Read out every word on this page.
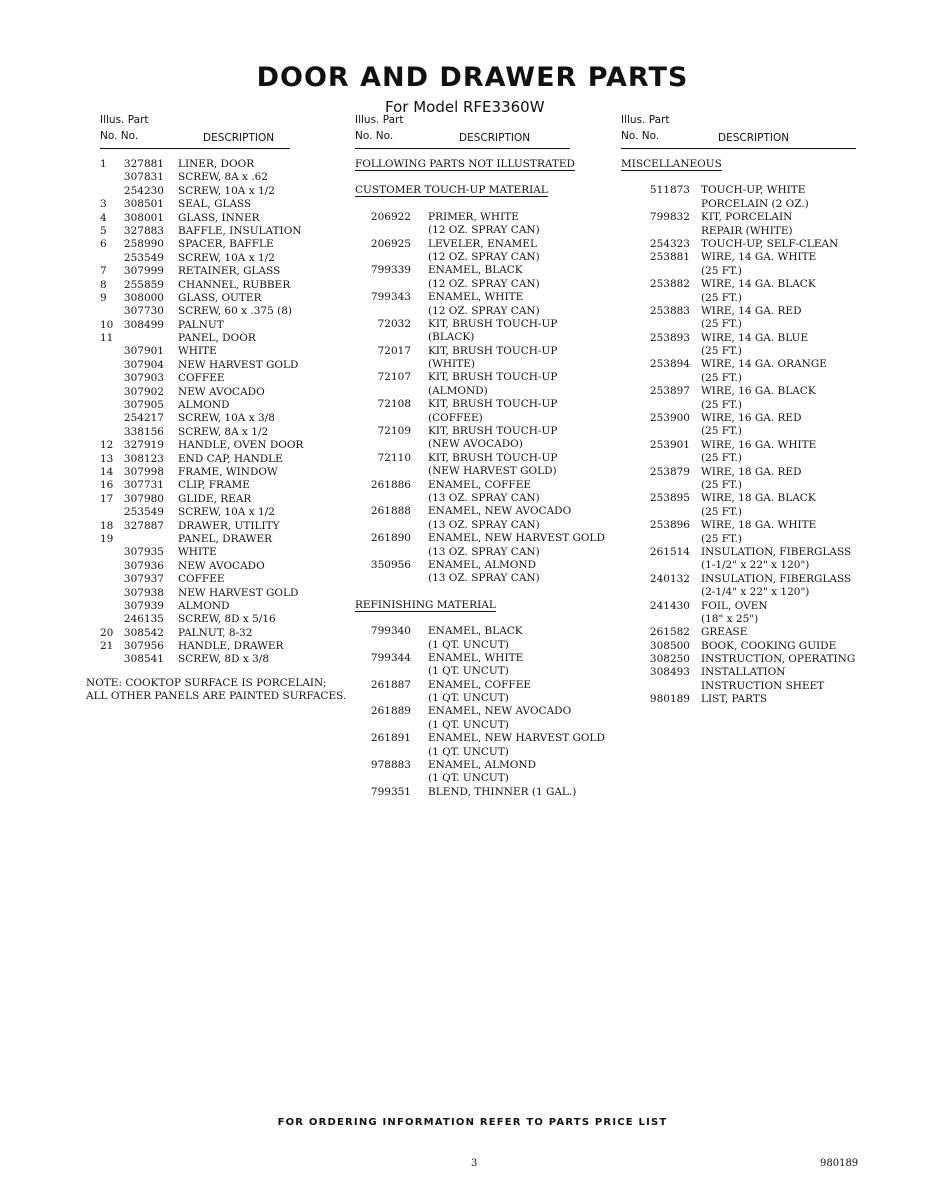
DOOR AND DRAWER PARTS
For Model RFE3360W
Illus. Part
No. No.	DESCRIPTION
1	327881 LINER, DOOR
307831 SCREW, 8A x .62
254230 SCREW, 10A x 1/2
3	308501 SEAL, GLASS
4	308001 GLASS, INNER
5	327883 BAFFLE, INSULATION
6	258990 SPACER, BAFFLE
253549 SCREW, 10A x 1/2
7	307999 RETAINER, GLASS
8	255859 CHANNEL, RUBBER
9	308000 GLASS, OUTER
307730 SCREW, 60 x .375 (8)
10	308499 PALNUT
11	PANEL, DOOR
307901 WHITE
307904 NEW HARVEST GOLD
307903 COFFEE
307902 NEW AVOCADO
307905 ALMOND
254217 SCREW, 10A x 3/8
338156 SCREW, 8A x 1/2
12	327919 HANDLE, OVEN DOOR
13	308123 END CAP, HANDLE
14	307998 FRAME, WINDOW
16	307731 CLIP, FRAME
17	307980 GLIDE, REAR
253549 SCREW, 10A x 1/2
18	327887 DRAWER, UTILITY
19	PANEL, DRAWER
307935 WHITE
307936 NEW AVOCADO
307937 COFFEE
307938 NEW HARVEST GOLD
307939 ALMOND
246135 SCREW, 8D x 5/16
20	308542 PALNUT, 8-32
21	307956 HANDLE, DRAWER
308541 SCREW, 8D x 3/8
Illus. Part
No. No.	DESCRIPTION
FOLLOWING PARTS NOT ILLUSTRATED
CUSTOMER TOUCH-UP MATERIAL
206922 PRIMER, WHITE
(12 OZ. SPRAY CAN)
206925 LEVELER, ENAMEL
(12 OZ. SPRAY CAN)
799339 ENAMEL, BLACK
(12 OZ. SPRAY CAN)
799343 ENAMEL, WHITE
(12 OZ. SPRAY CAN)
72032 KIT, BRUSH TOUCH-UP
(BLACK)
72017 KIT, BRUSH TOUCH-UP
(WHITE)
72107 KIT, BRUSH TOUCH-UP
(ALMOND)
72108 KIT, BRUSH TOUCH-UP
(COFFEE)
72109 KIT, BRUSH TOUCH-UP
(NEW AVOCADO)
72110 KIT, BRUSH TOUCH-UP
(NEW HARVEST GOLD)
261886 ENAMEL, COFFEE
(13 OZ. SPRAY CAN)
261888 ENAMEL, NEW AVOCADO
(13 OZ. SPRAY CAN)
261890 ENAMEL, NEW HARVEST GOLD
(13 OZ. SPRAY CAN)
350956 ENAMEL, ALMOND
(13 OZ. SPRAY CAN)
REFINISHING MATERIAL
799340 ENAMEL, BLACK
(1 QT. UNCUT)
799344 ENAMEL, WHITE
(1 QT. UNCUT)
261887 ENAMEL, COFFEE
(1 QT. UNCUT)
261889 ENAMEL, NEW AVOCADO
(1 QT. UNCUT)
261891 ENAMEL, NEW HARVEST GOLD
(1 QT. UNCUT)
978883 ENAMEL, ALMOND
(1 QT. UNCUT)
799351 BLEND, THINNER (1 GAL.)
Illus. Part
No. No.	DESCRIPTION
MISCELLANEOUS
511873 TOUCH-UP, WHITE
PORCELAIN (2 OZ.)
799832 KIT, PORCELAIN
REPAIR (WHITE)
254323 TOUCH-UP, SELF-CLEAN
253881 WIRE, 14 GA. WHITE
(25 FT.)
253882 WIRE, 14 GA. BLACK
(25 FT.)
253883 WIRE, 14 GA. RED
(25 FT.)
253893 WIRE, 14 GA. BLUE
(25 FT.)
253894 WIRE, 14 GA. ORANGE
(25 FT.)
253897 WIRE, 16 GA. BLACK
(25 FT.)
253900 WIRE, 16 GA. RED
(25 FT.)
253901 WIRE, 16 GA. WHITE
(25 FT.)
253879 WIRE, 18 GA. RED
(25 FT.)
253895 WIRE, 18 GA. BLACK
(25 FT.)
253896 WIRE, 18 GA. WHITE
(25 FT.)
261514 INSULATION, FIBERGLASS
(1-1/2" x 22" x 120")
240132 INSULATION, FIBERGLASS
(2-1/4" x 22" x 120")
241430 FOIL, OVEN
(18" x 25")
261582 GREASE
308500 BOOK, COOKING GUIDE
308250 INSTRUCTION, OPERATING
308493 INSTALLATION
INSTRUCTION SHEET
980189 LIST, PARTS
NOTE: COOKTOP SURFACE IS PORCELAIN;
ALL OTHER PANELS ARE PAINTED SURFACES.
FOR ORDERING INFORMATION REFER TO PARTS PRICE LIST
3	980189
